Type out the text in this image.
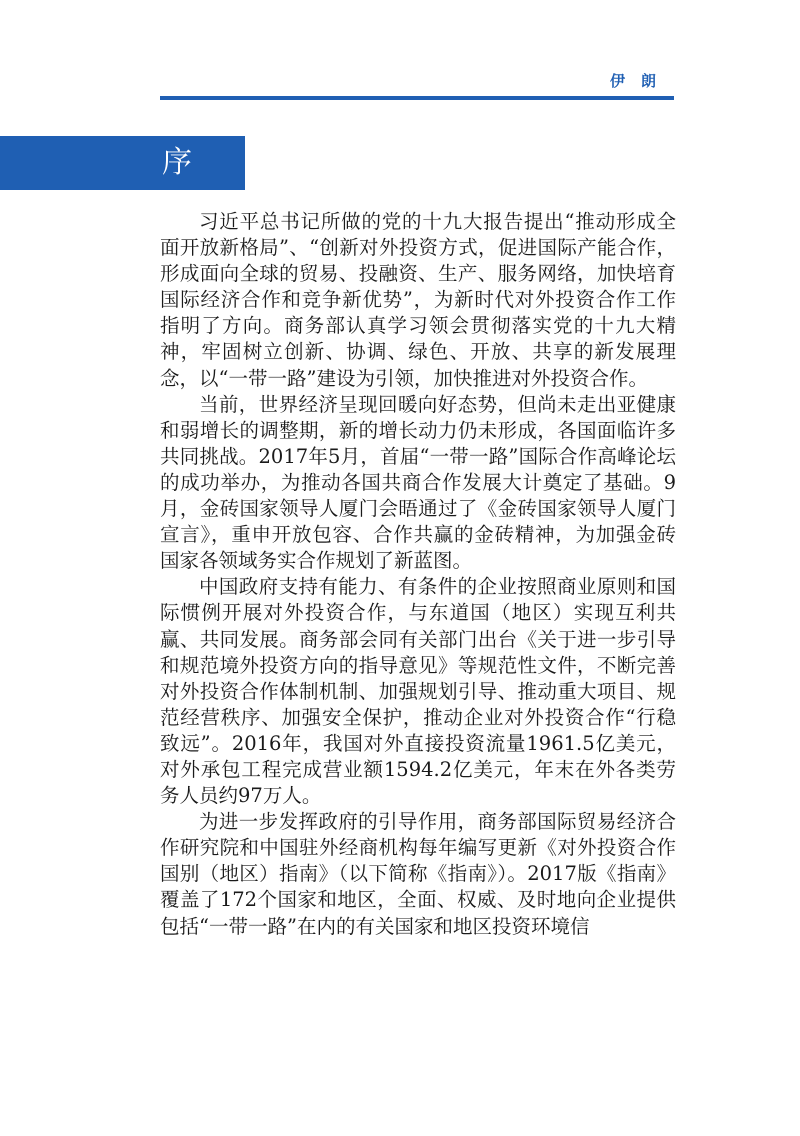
伊朗
序

习近平总书记所做的党的十九大报告提出“推动形成全面开放新格局”、“创新对外投资方式，促进国际产能合作，形成面向全球的贸易、投融资、生产、服务网络，加快培育国际经济合作和竞争新优势”，为新时代对外投资合作工作指明了方向。商务部认真学习领会贯彻落实党的十九大精神，牢固树立创新、协调、绿色、开放、共享的新发展理念，以“一带一路”建设为引领，加快推进对外投资合作。

当前，世界经济呈现回暖向好态势，但尚未走出亚健康和弱增长的调整期，新的增长动力仍未形成，各国面临许多共同挑战。2017年5月，首届“一带一路”国际合作高峰论坛的成功举办，为推动各国共商合作发展大计奠定了基础。9月，金砖国家领导人厦门会晤通过了《金砖国家领导人厦门宣言》，重申开放包容、合作共赢的金砖精神，为加强金砖国家各领域务实合作规划了新蓝图。

中国政府支持有能力、有条件的企业按照商业原则和国际惯例开展对外投资合作，与东道国（地区）实现互利共赢、共同发展。商务部会同有关部门出台《关于进一步引导和规范境外投资方向的指导意见》等规范性文件，不断完善对外投资合作体制机制、加强规划引导、推动重大项目、规范经营秩序、加强安全保护，推动企业对外投资合作“行稳致远”。2016年，我国对外直接投资流量1961.5亿美元，对外承包工程完成营业额1594.2亿美元，年末在外各类劳务人员约97万人。

为进一步发挥政府的引导作用，商务部国际贸易经济合作研究院和中国驻外经商机构每年编写更新《对外投资合作国别（地区）指南》（以下简称《指南》）。2017版《指南》覆盖了172个国家和地区，全面、权威、及时地向企业提供包括“一带一路”在内的有关国家和地区投资环境信
